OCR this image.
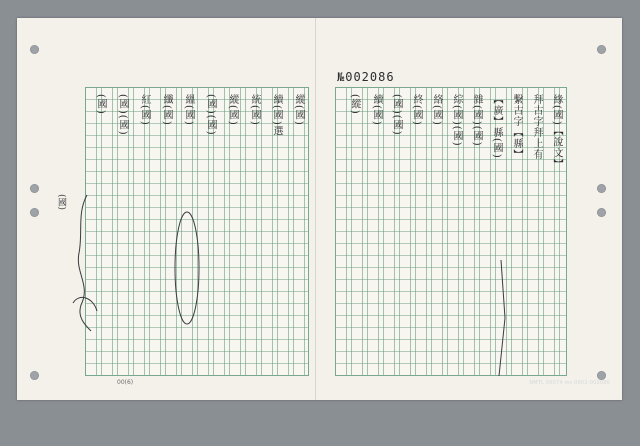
縱(國)
續(國)選
統(國)
縱(國)
(國)(國)
縕(國)
纖(國)
紅(國)
(國)(國)
(國)	緣(國)【說文】
拜古字拜上有
繫古字【縣】
【廣】縣(國)
雜(國)(國)
綜(國)(國)
絡(國)
終(國)
(國)(國)
續(國)
(縱)
№002086
(國)
00(6)	NMTL 00074 ms 0002-002086
